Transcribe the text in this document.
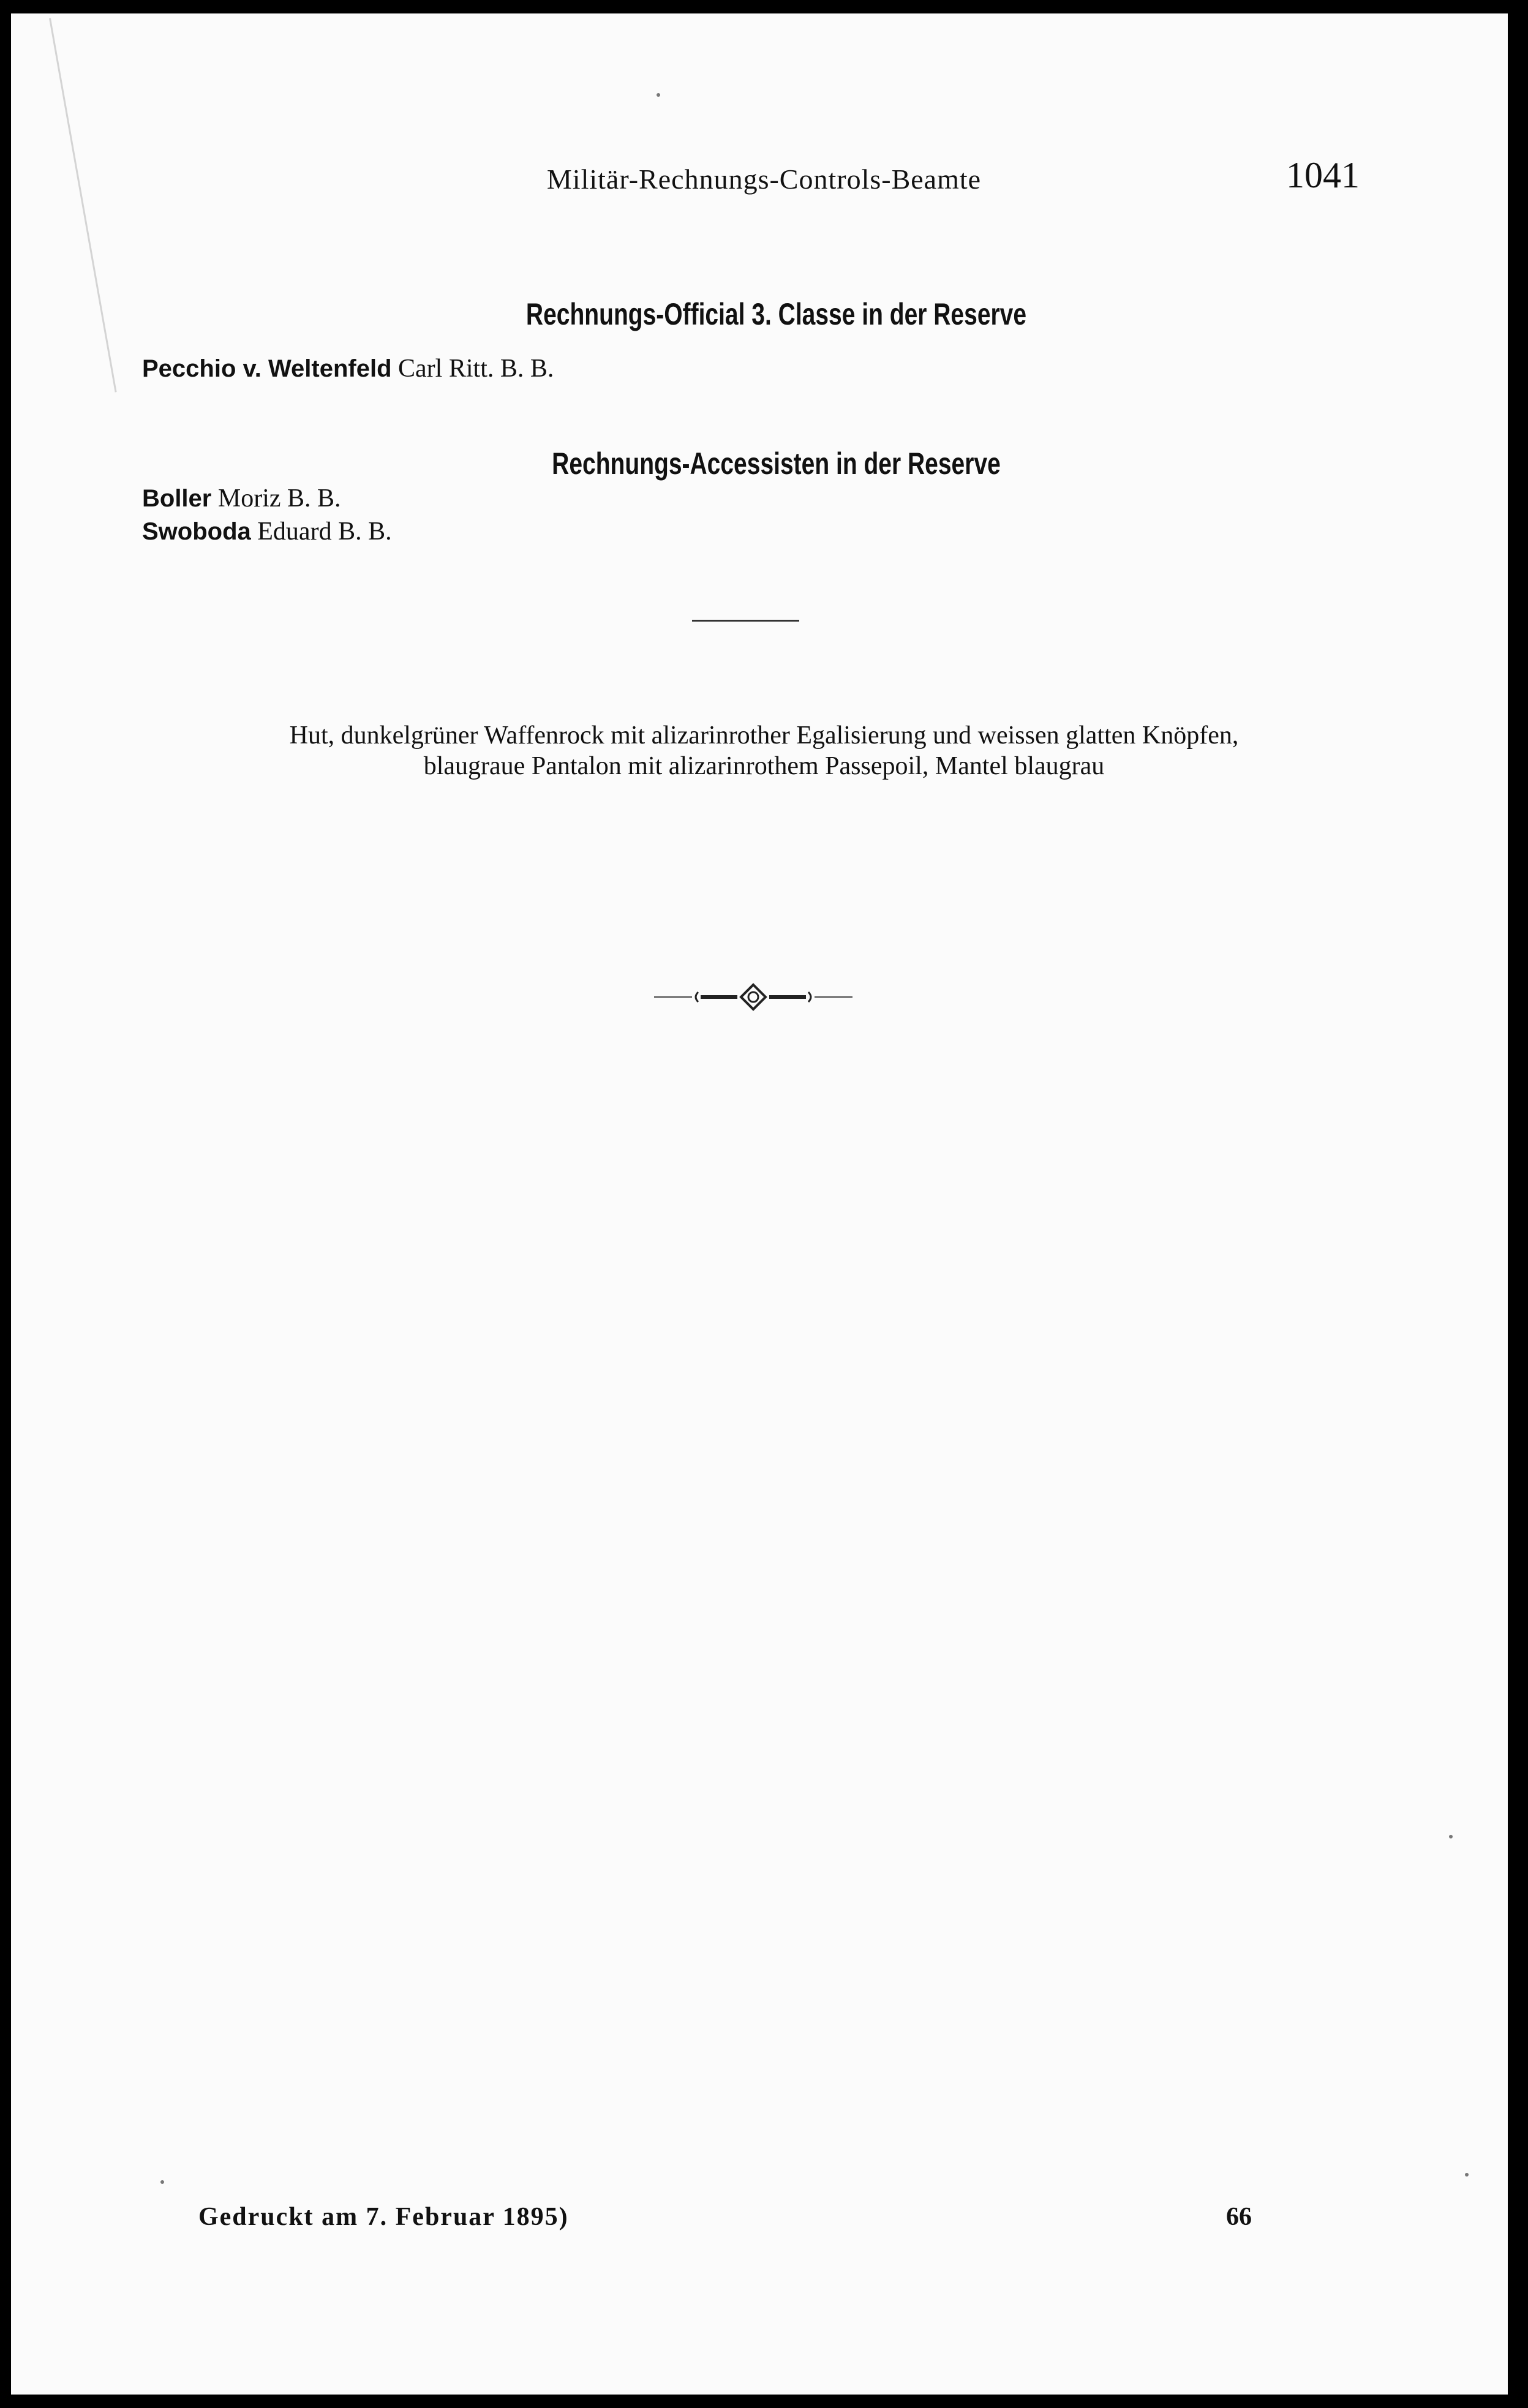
Militär-Rechnungs-Controls-Beamte	1041
Rechnungs-Official 3. Classe in der Reserve
Pecchio v. Weltenfeld Carl Ritt. B. B.
Rechnungs-Accessisten in der Reserve
Boller Moriz B. B.
Swoboda Eduard B. B.
Hut, dunkelgrüner Waffenrock mit alizarinrother Egalisierung und weissen glatten Knöpfen,
blaugraue Pantalon mit alizarinrothem Passepoil, Mantel blaugrau
Gedruckt am 7. Februar 1895)	66
